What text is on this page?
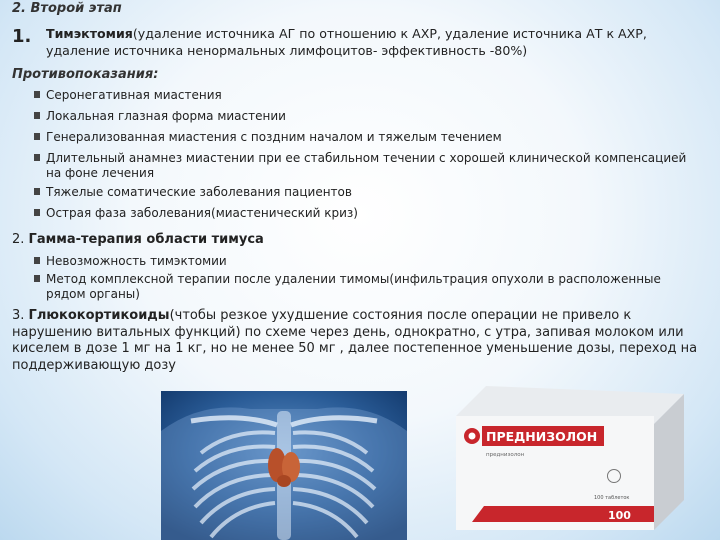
2. Второй этап
1. Тимэктомия(удаление источника АГ по отношению к АХР, удаление источника АТ к АХР, удаление источника ненормальных лимфоцитов- эффективность -80%)
Противопоказания:
Серонегативная миастения
Локальная глазная форма миастении
Генерализованная миастения с поздним началом и тяжелым течением
Длительный анамнез миастении при ее стабильном течении с хорошей клинической компенсацией на фоне лечения
Тяжелые соматические заболевания пациентов
Острая фаза заболевания(миастенический криз)
2. Гамма-терапия области тимуса
Невозможность тимэктомии
Метод комплексной терапии после удалении тимомы(инфильтрация опухоли в расположенные рядом органы)
3. Глюкокортикоиды(чтобы резкое ухудшение состояния после операции не привело к нарушению витальных функций) по схеме через день, однократно, с утра, запивая молоком или киселем в дозе 1 мг на 1 кг, но не менее 50 мг , далее постепенное уменьшение дозы, переход на поддерживающую дозу
ПРЕДНИЗОЛОН
преднизолон
100 таблеток
100
